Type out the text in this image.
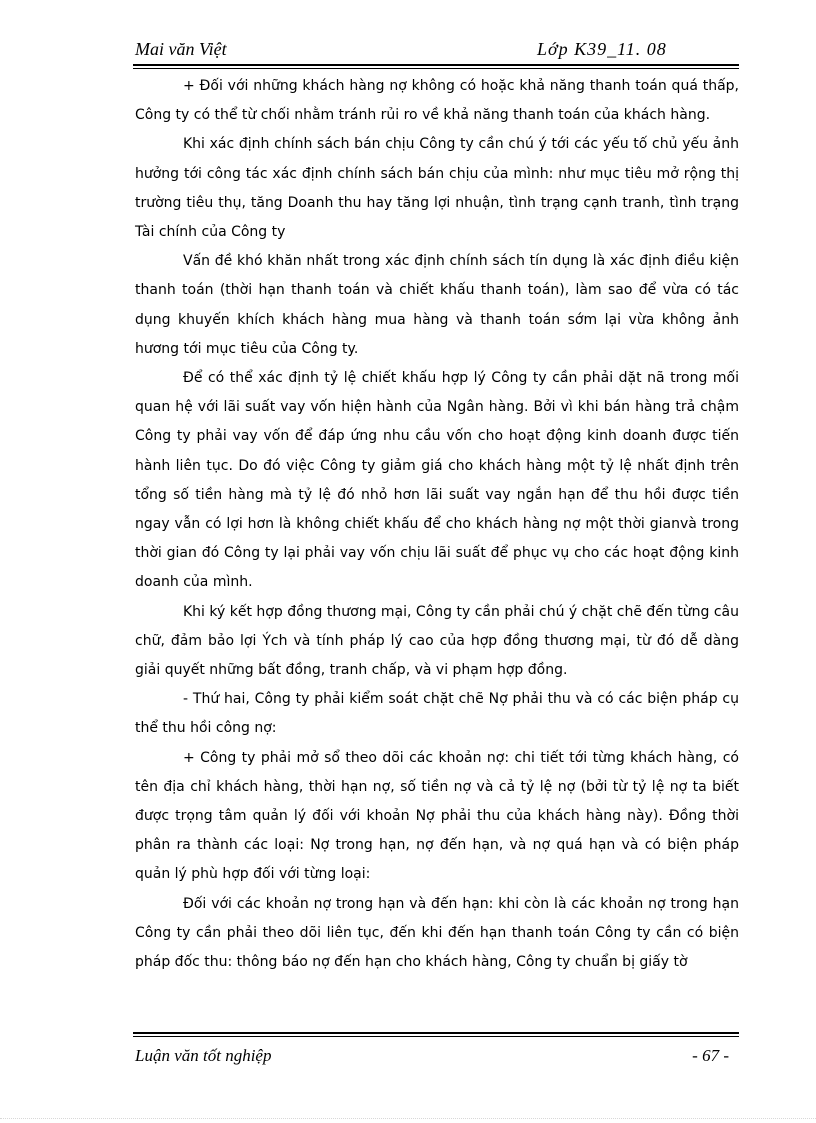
Mai văn Việt	Lớp K39_11. 08

+ Đối với những khách hàng nợ không có hoặc khả năng thanh toán quá thấp, Công ty có thể từ chối nhằm tránh rủi ro về khả năng thanh toán của khách hàng.

Khi xác định chính sách bán chịu Công ty cần chú ý tới các yếu tố chủ yếu ảnh hưởng tới công tác xác định chính sách bán chịu của mình: như mục tiêu mở rộng thị trường tiêu thụ, tăng Doanh thu hay tăng lợi nhuận, tình trạng cạnh tranh, tình trạng Tài chính của Công ty

Vấn đề khó khăn nhất trong xác định chính sách tín dụng là xác định điều kiện thanh toán (thời hạn thanh toán và chiết khấu thanh toán), làm sao để vừa có tác dụng khuyến khích khách hàng mua hàng và thanh toán sớm lại vừa không ảnh hương tới mục tiêu của Công ty.

Để có thể xác định tỷ lệ chiết khấu hợp lý Công ty cần phải dặt nã trong mối quan hệ với lãi suất vay vốn hiện hành của Ngân hàng. Bởi vì khi bán hàng trả chậm Công ty phải vay vốn để đáp ứng nhu cầu vốn cho hoạt động kinh doanh được tiến hành liên tục. Do đó việc Công ty giảm giá cho khách hàng một tỷ lệ nhất định trên tổng số tiền hàng mà tỷ lệ đó nhỏ hơn lãi suất vay ngắn hạn để thu hồi được tiền ngay vẫn có lợi hơn là không chiết khấu để cho khách hàng nợ một thời gianvà trong thời gian đó Công ty lại phải vay vốn chịu lãi suất để phục vụ cho các hoạt động kinh doanh của mình.

Khi ký kết hợp đồng thương mại, Công ty cần phải chú ý chặt chẽ đến từng câu chữ, đảm bảo lợi Ých và tính pháp lý cao của hợp đồng thương mại, từ đó dễ dàng giải quyết những bất đồng, tranh chấp, và vi phạm hợp đồng.

- Thứ hai, Công ty phải kiểm soát chặt chẽ Nợ phải thu và có các biện pháp cụ thể thu hồi công nợ:

+ Công ty phải mở sổ theo dõi các khoản nợ: chi tiết tới từng khách hàng, có tên địa chỉ khách hàng, thời hạn nợ, số tiền nợ và cả tỷ lệ nợ (bởi từ tỷ lệ nợ ta biết được trọng tâm quản lý đối với khoản Nợ phải thu của khách hàng này). Đồng thời phân ra thành các loại: Nợ trong hạn, nợ đến hạn, và nợ quá hạn và có biện pháp quản lý phù hợp đối với từng loại:

Đối với các khoản nợ trong hạn và đến hạn: khi còn là các khoản nợ trong hạn Công ty cần phải theo dõi liên tục, đến khi đến hạn thanh toán Công ty cần có biện pháp đốc thu: thông báo nợ đến hạn cho khách hàng, Công ty chuẩn bị giấy tờ

Luận văn tốt nghiệp	- 67 -
